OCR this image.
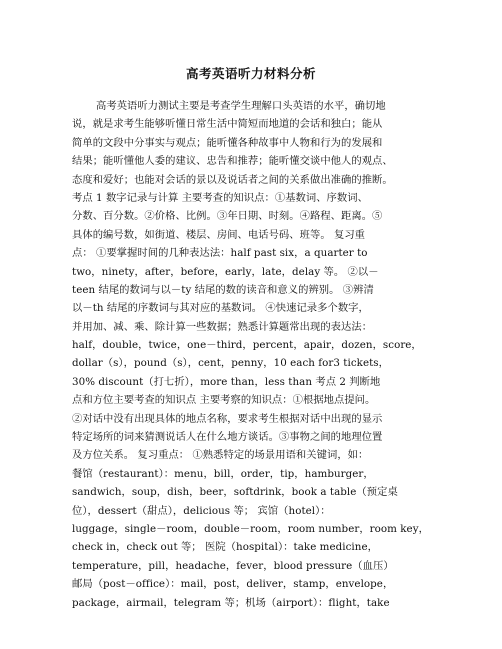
高考英语听力材料分析
高考英语听力测试主要是考查学生理解口头英语的水平，确切地
说，就是求考生能够听懂日常生活中简短而地道的会话和独白；能从
简单的文段中分事实与观点；能听懂各种故事中人物和行为的发展和
结果；能听懂他人委的建议、忠告和推荐；能听懂交谈中他人的观点、
态度和爱好；也能对会话的景以及说话者之间的关系做出准确的推断。
考点 1 数字记录与计算 主要考查的知识点：①基数词、序数词、
分数、百分数。②价格、比例。③年日期、时刻。④路程、距离。⑤
具体的编号数，如街道、楼层、房间、电话号码、班等。 复习重
点： ①要掌握时间的几种表达法：half past six，a quarter to
two，ninety，after，before，early，late，delay 等。 ②以－
teen 结尾的数词与以－ty 结尾的数的读音和意义的辨别。 ③辨清
以－th 结尾的序数词与其对应的基数词。 ④快速记录多个数字，
并用加、减、乘、除计算一些数据；熟悉计算题常出现的表达法：
half，double，twice，one－third，percent，apair，dozen，score，
dollar（s），pound（s），cent，penny，10 each for3 tickets，
30% discount（打七折），more than，less than 考点 2 判断地
点和方位主要考查的知识点 主要考察的知识点：①根据地点提问。
②对话中没有出现具体的地点名称，要求考生根据对话中出现的显示
特定场所的词来猜测说话人在什么地方谈话。③事物之间的地理位置
及方位关系。 复习重点： ①熟悉特定的场景用语和关键词，如：
餐馆（restaurant）：menu，bill，order，tip，hamburger，
sandwich，soup，dish，beer，softdrink，book a table（预定桌
位），dessert（甜点），delicious 等； 宾馆（hotel）：
luggage，single－room，double－room，room number，room key，
check in，check out 等； 医院（hospital）：take medicine，
temperature，pill，headache，fever，blood pressure（血压）
邮局（post－office）：mail，post，deliver，stamp，envelope，
package，airmail，telegram 等；机场（airport）：flight，take
